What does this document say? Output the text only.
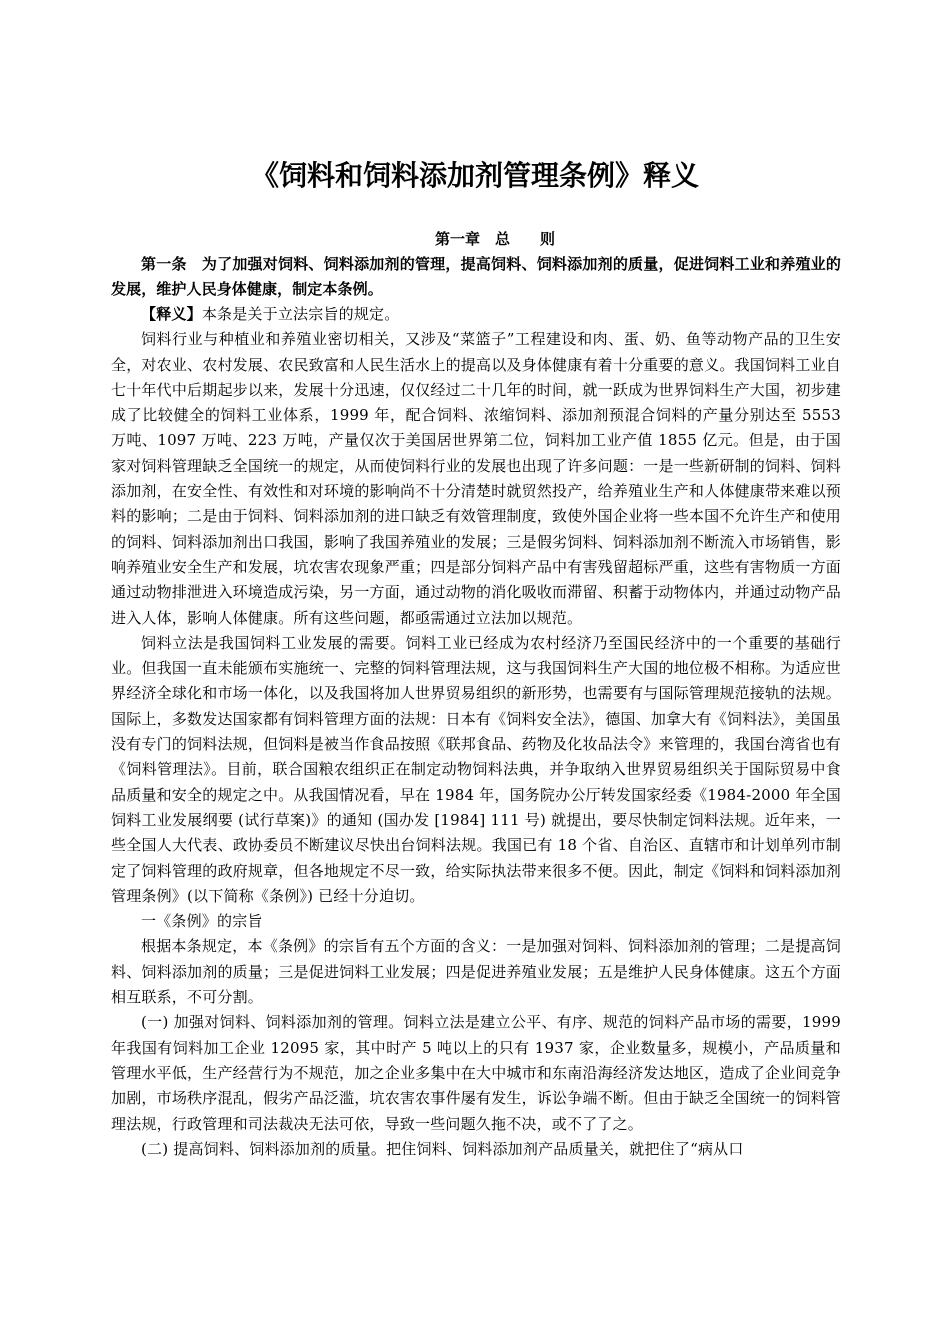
《饲料和饲料添加剂管理条例》释义
第一章　总　　则

第一条　为了加强对饲料、饲料添加剂的管理，提高饲料、饲料添加剂的质量，促进饲料工业和养殖业的发展，维护人民身体健康，制定本条例。

【释义】本条是关于立法宗旨的规定。

饲料行业与种植业和养殖业密切相关，又涉及“菜篮子”工程建设和肉、蛋、奶、鱼等动物产品的卫生安全，对农业、农村发展、农民致富和人民生活水上的提高以及身体健康有着十分重要的意义。我国饲料工业自七十年代中后期起步以来，发展十分迅速，仅仅经过二十几年的时间，就一跃成为世界饲料生产大国，初步建成了比较健全的饲料工业体系，1999 年，配合饲料、浓缩饲料、添加剂预混合饲料的产量分别达至 5553 万吨、1097 万吨、223 万吨，产量仅次于美国居世界第二位，饲料加工业产值 1855 亿元。但是，由于国家对饲料管理缺乏全国统一的规定，从而使饲料行业的发展也出现了许多问题：一是一些新研制的饲料、饲料添加剂，在安全性、有效性和对环境的影响尚不十分清楚时就贸然投产，给养殖业生产和人体健康带来难以预料的影响；二是由于饲料、饲料添加剂的进口缺乏有效管理制度，致使外国企业将一些本国不允许生产和使用的饲料、饲料添加剂出口我国，影响了我国养殖业的发展；三是假劣饲料、饲料添加剂不断流入市场销售，影响养殖业安全生产和发展，坑农害农现象严重；四是部分饲料产品中有害残留超标严重，这些有害物质一方面通过动物排泄进入环境造成污染，另一方面，通过动物的消化吸收而滞留、积蓄于动物体内，并通过动物产品进入人体，影响人体健康。所有这些问题，都亟需通过立法加以规范。

饲料立法是我国饲料工业发展的需要。饲料工业已经成为农村经济乃至国民经济中的一个重要的基础行业。但我国一直未能颁布实施统一、完整的饲料管理法规，这与我国饲料生产大国的地位极不相称。为适应世界经济全球化和市场一体化，以及我国将加人世界贸易组织的新形势，也需要有与国际管理规范接轨的法规。国际上，多数发达国家都有饲料管理方面的法规：日本有《饲料安全法》，德国、加拿大有《饲料法》，美国虽没有专门的饲料法规，但饲料是被当作食品按照《联邦食品、药物及化妆品法令》来管理的，我国台湾省也有《饲料管理法》。目前，联合国粮农组织正在制定动物饲料法典，并争取纳入世界贸易组织关于国际贸易中食品质量和安全的规定之中。从我国情况看，早在 1984 年，国务院办公厅转发国家经委《1984-2000 年全国饲料工业发展纲要 (试行草案)》的通知 (国办发 [1984] 111 号) 就提出，要尽快制定饲料法规。近年来，一些全国人大代表、政协委员不断建议尽快出台饲料法规。我国已有 18 个省、自治区、直辖市和计划单列市制定了饲料管理的政府规章，但各地规定不尽一致，给实际执法带来很多不便。因此，制定《饲料和饲料添加剂管理条例》(以下简称《条例》) 已经十分迫切。

一《条例》的宗旨

根据本条规定，本《条例》的宗旨有五个方面的含义：一是加强对饲料、饲料添加剂的管理；二是提高饲料、饲料添加剂的质量；三是促进饲料工业发展；四是促进养殖业发展；五是维护人民身体健康。这五个方面相互联系，不可分割。

(一) 加强对饲料、饲料添加剂的管理。饲料立法是建立公平、有序、规范的饲料产品市场的需要，1999 年我国有饲料加工企业 12095 家，其中时产 5 吨以上的只有 1937 家，企业数量多，规模小，产品质量和管理水平低，生产经营行为不规范，加之企业多集中在大中城市和东南沿海经济发达地区，造成了企业间竞争加剧，市场秩序混乱，假劣产品泛滥，坑农害农事件屡有发生，诉讼争端不断。但由于缺乏全国统一的饲料管理法规，行政管理和司法裁决无法可依，导致一些问题久拖不决，或不了了之。

(二) 提高饲料、饲料添加剂的质量。把住饲料、饲料添加剂产品质量关，就把住了“病从口
